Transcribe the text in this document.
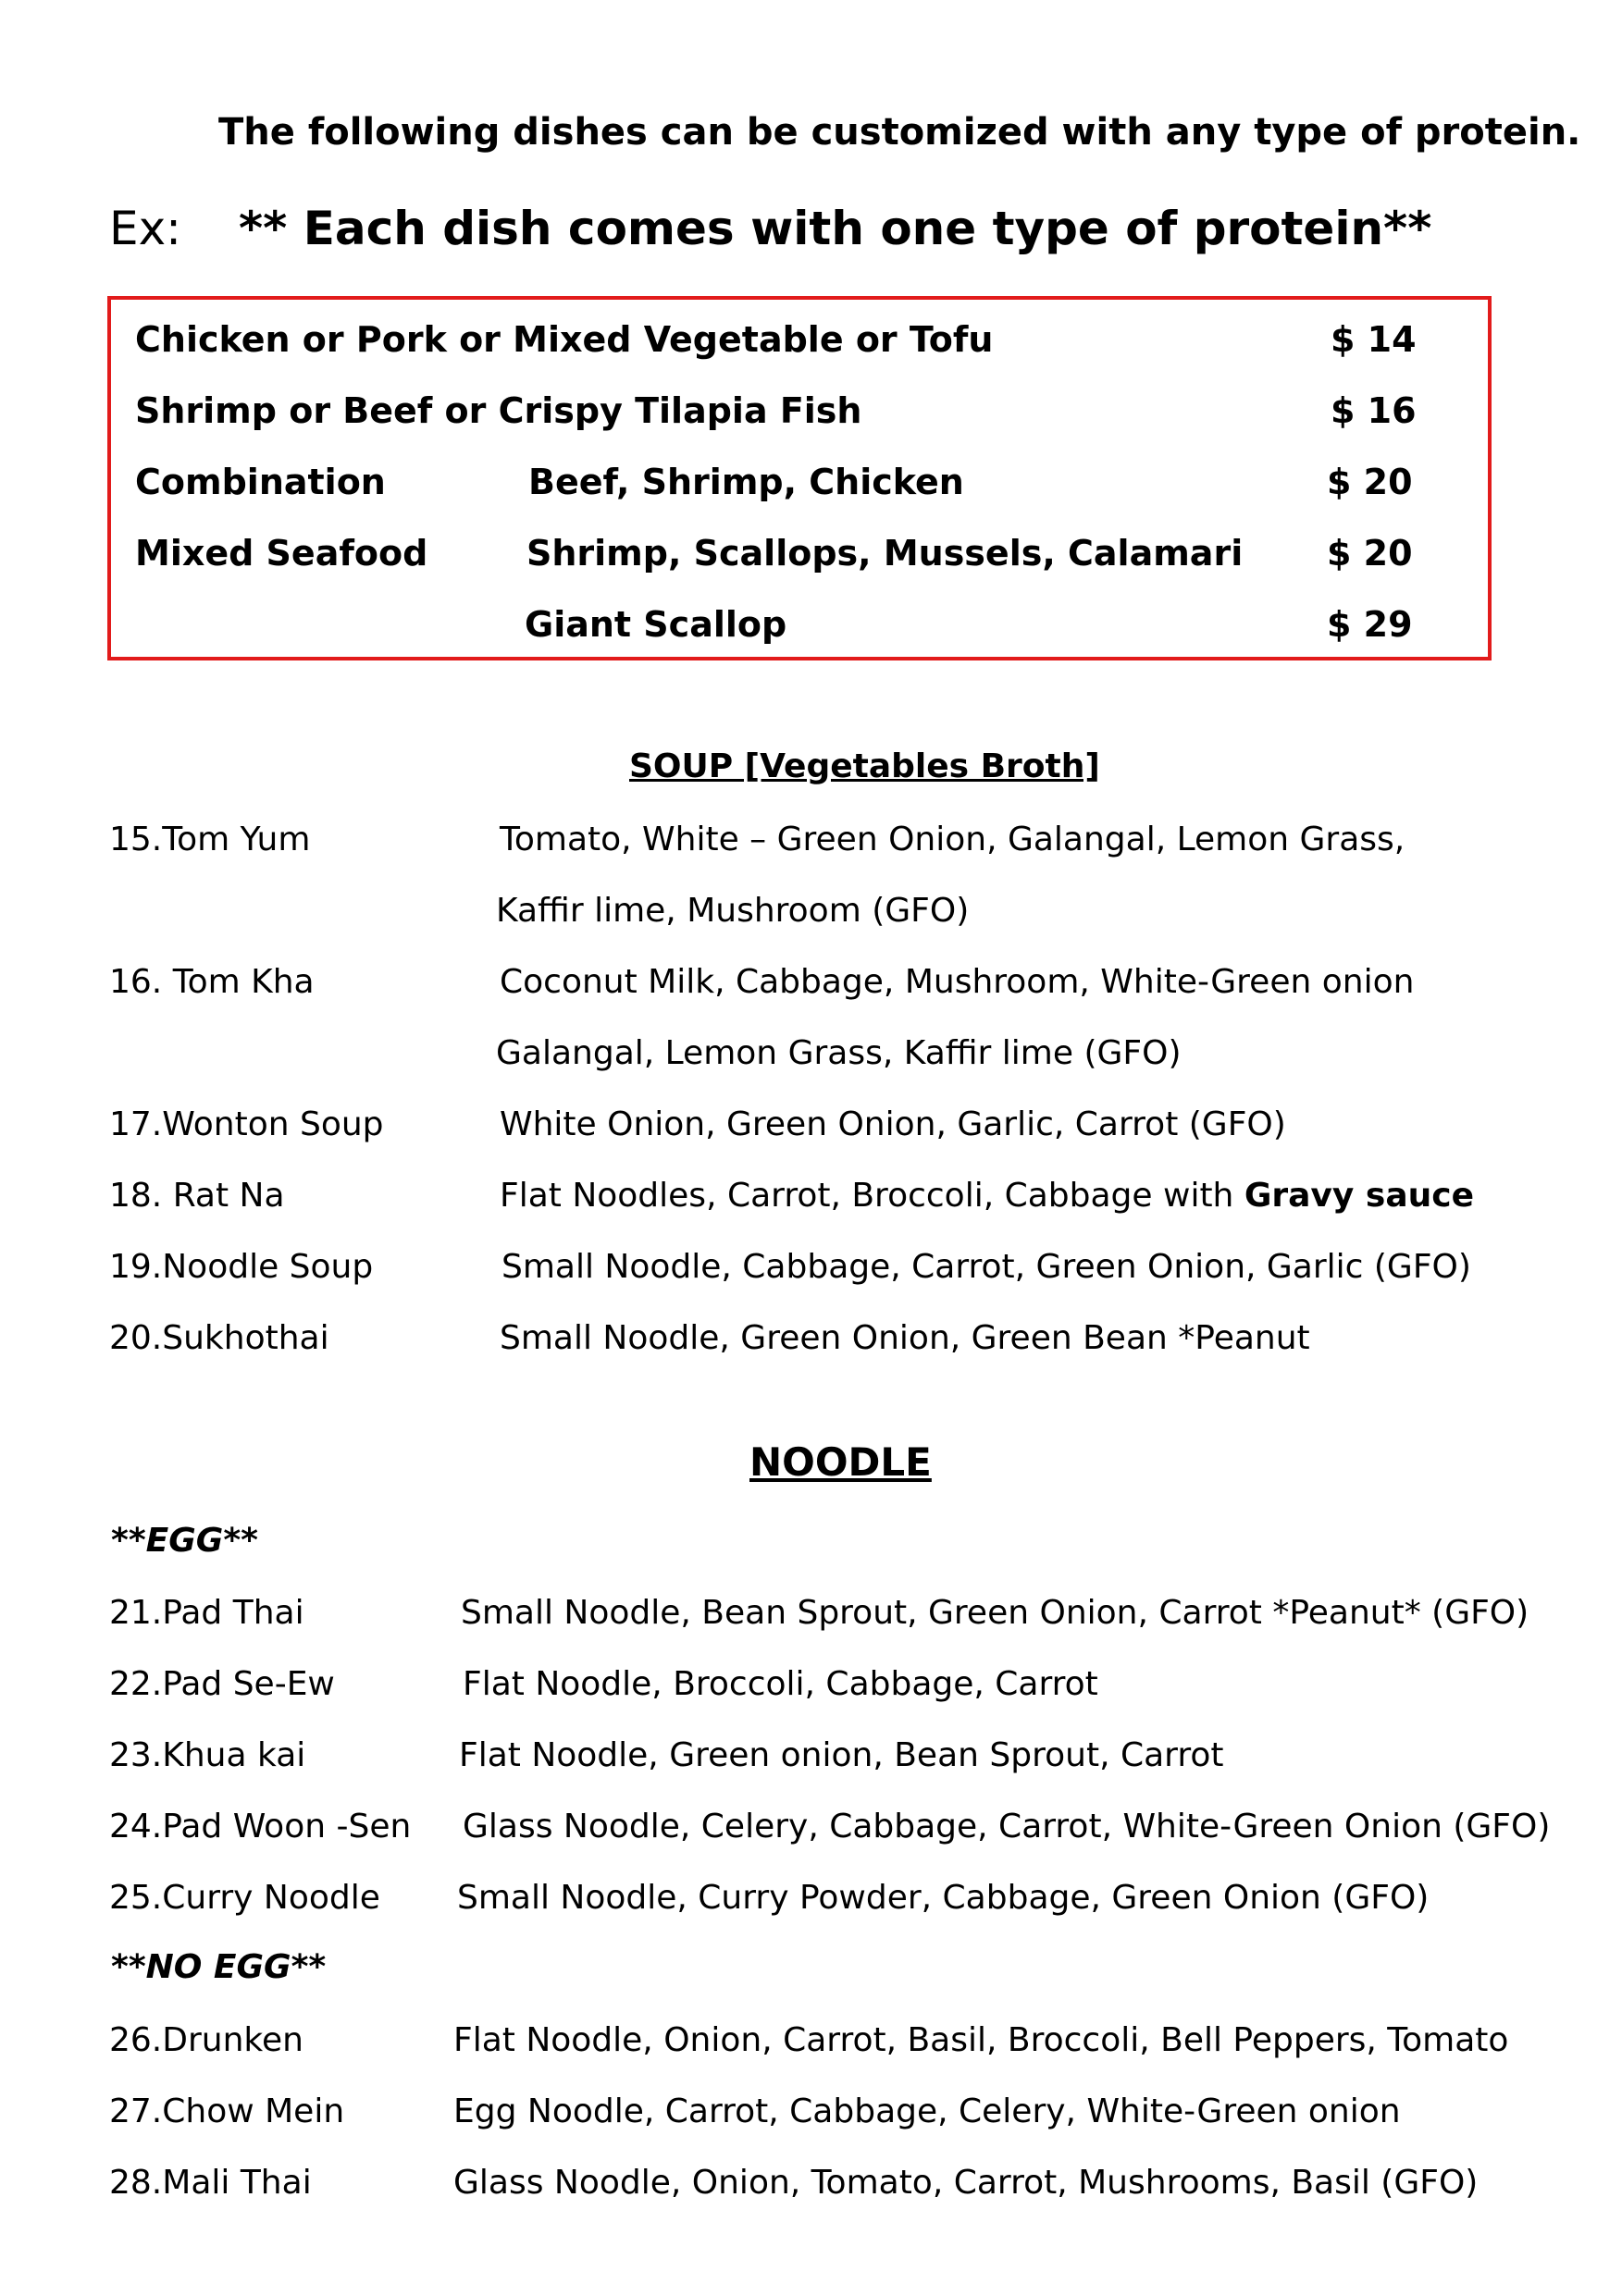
The following dishes can be customized with any type of protein.
Ex: ** Each dish comes with one type of protein**
Chicken or Pork or Mixed Vegetable or Tofu	$ 14
Shrimp or Beef or Crispy Tilapia Fish	$ 16
Combination	Beef, Shrimp, Chicken	$ 20
Mixed Seafood	Shrimp, Scallops, Mussels, Calamari $ 20
Giant Scallop	$ 29
SOUP [Vegetables Broth]
15.Tom Yum	Tomato, White – Green Onion, Galangal, Lemon Grass,
Kaffir lime, Mushroom (GFO)
16. Tom Kha	Coconut Milk, Cabbage, Mushroom, White-Green onion
Galangal, Lemon Grass, Kaffir lime (GFO)
17.Wonton Soup	White Onion, Green Onion, Garlic, Carrot (GFO)
18. Rat Na	Flat Noodles, Carrot, Broccoli, Cabbage with Gravy sauce
19.Noodle Soup	Small Noodle, Cabbage, Carrot, Green Onion, Garlic (GFO)
20.Sukhothai	Small Noodle, Green Onion, Green Bean *Peanut
NOODLE
**EGG**
21.Pad Thai	Small Noodle, Bean Sprout, Green Onion, Carrot *Peanut* (GFO)
22.Pad Se-Ew	Flat Noodle, Broccoli, Cabbage, Carrot
23.Khua kai	Flat Noodle, Green onion, Bean Sprout, Carrot
24.Pad Woon -Sen Glass Noodle, Celery, Cabbage, Carrot, White-Green Onion (GFO)
25.Curry Noodle Small Noodle, Curry Powder, Cabbage, Green Onion (GFO)
**NO EGG**
26.Drunken	Flat Noodle, Onion, Carrot, Basil, Broccoli, Bell Peppers, Tomato
27.Chow Mein	Egg Noodle, Carrot, Cabbage, Celery, White-Green onion
28.Mali Thai	Glass Noodle, Onion, Tomato, Carrot, Mushrooms, Basil (GFO)
